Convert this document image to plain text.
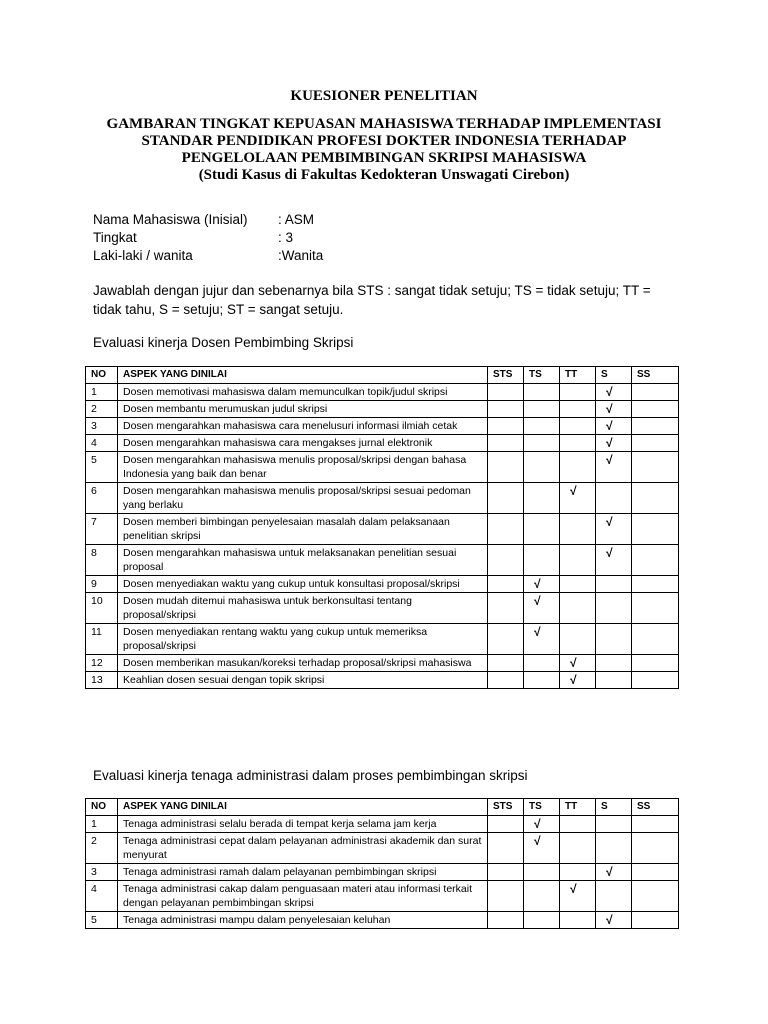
KUESIONER PENELITIAN
GAMBARAN TINGKAT KEPUASAN MAHASISWA TERHADAP IMPLEMENTASI
STANDAR PENDIDIKAN PROFESI DOKTER INDONESIA TERHADAP
PENGELOLAAN PEMBIMBINGAN SKRIPSI MAHASISWA
(Studi Kasus di Fakultas Kedokteran Unswagati Cirebon)
Nama Mahasiswa (Inisial) : ASM
Tingkat	: 3
Laki-laki / wanita	:Wanita
Jawablah dengan jujur dan sebenarnya bila STS : sangat tidak setuju; TS = tidak setuju; TT =
tidak tahu, S = setuju; ST = sangat setuju.
Evaluasi kinerja Dosen Pembimbing Skripsi
NO	ASPEK YANG DINILAI	STS	TS	TT	S	SS
1	Dosen memotivasi mahasiswa dalam memunculkan topik/judul skripsi				√	
2	Dosen membantu merumuskan judul skripsi				√	
3	Dosen mengarahkan mahasiswa cara menelusuri informasi ilmiah cetak				√	
4	Dosen mengarahkan mahasiswa cara mengakses jurnal elektronik				√	
5	Dosen mengarahkan mahasiswa menulis proposal/skripsi dengan bahasa Indonesia yang baik dan benar				√	
6	Dosen mengarahkan mahasiswa menulis proposal/skripsi sesuai pedoman yang berlaku			√		
7	Dosen memberi bimbingan penyelesaian masalah dalam pelaksanaan penelitian skripsi				√	
8	Dosen mengarahkan mahasiswa untuk melaksanakan penelitian sesuai proposal				√	
9	Dosen menyediakan waktu yang cukup untuk konsultasi proposal/skripsi		√			
10	Dosen mudah ditemui mahasiswa untuk berkonsultasi tentang proposal/skripsi		√			
11	Dosen menyediakan rentang waktu yang cukup untuk memeriksa proposal/skripsi		√			
12	Dosen memberikan masukan/koreksi terhadap proposal/skripsi mahasiswa			√		
13	Keahlian dosen sesuai dengan topik skripsi			√		
Evaluasi kinerja tenaga administrasi dalam proses pembimbingan skripsi
NO	ASPEK YANG DINILAI	STS	TS	TT	S	SS
1	Tenaga administrasi selalu berada di tempat kerja selama jam kerja		√			
2	Tenaga administrasi cepat dalam pelayanan administrasi akademik dan surat menyurat		√			
3	Tenaga administrasi ramah dalam pelayanan pembimbingan skripsi				√	
4	Tenaga administrasi cakap dalam penguasaan materi atau informasi terkait dengan pelayanan pembimbingan skripsi			√		
5	Tenaga administrasi mampu dalam penyelesaian keluhan				√	
